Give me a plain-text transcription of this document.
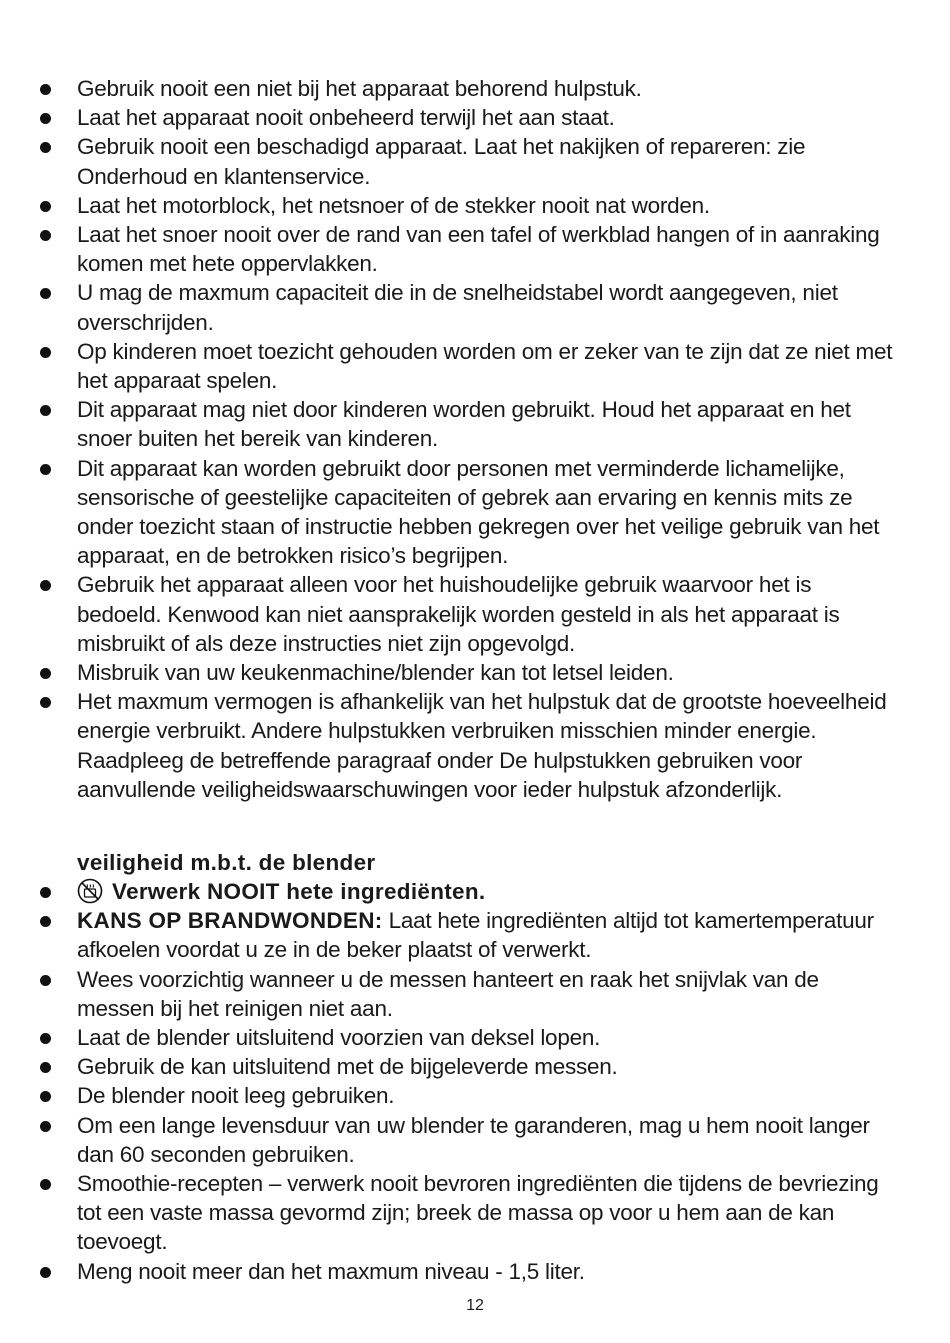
Gebruik nooit een niet bij het apparaat behorend hulpstuk.
Laat het apparaat nooit onbeheerd terwijl het aan staat.
Gebruik nooit een beschadigd apparaat. Laat het nakijken of repareren: zie Onderhoud en klantenservice.
Laat het motorblock, het netsnoer of de stekker nooit nat worden.
Laat het snoer nooit over de rand van een tafel of werkblad hangen of in aanraking komen met hete oppervlakken.
U mag de maxmum capaciteit die in de snelheidstabel wordt aangegeven, niet overschrijden.
Op kinderen moet toezicht gehouden worden om er zeker van te zijn dat ze niet met het apparaat spelen.
Dit apparaat mag niet door kinderen worden gebruikt. Houd het apparaat en het snoer buiten het bereik van kinderen.
Dit apparaat kan worden gebruikt door personen met verminderde lichamelijke, sensorische of geestelijke capaciteiten of gebrek aan ervaring en kennis mits ze onder toezicht staan of instructie hebben gekregen over het veilige gebruik van het apparaat, en de betrokken risico’s begrijpen.
Gebruik het apparaat alleen voor het huishoudelijke gebruik waarvoor het is bedoeld. Kenwood kan niet aansprakelijk worden gesteld in als het apparaat is misbruikt of als deze instructies niet zijn opgevolgd.
Misbruik van uw keukenmachine/blender kan tot letsel leiden.
Het maxmum vermogen is afhankelijk van het hulpstuk dat de grootste hoeveelheid energie verbruikt. Andere hulpstukken verbruiken misschien minder energie.
Raadpleeg de betreffende paragraaf onder De hulpstukken gebruiken voor aanvullende veiligheidswaarschuwingen voor ieder hulpstuk afzonderlijk.
veiligheid m.b.t. de blender
Verwerk NOOIT hete ingrediënten.
KANS OP BRANDWONDEN: Laat hete ingrediënten altijd tot kamertemperatuur afkoelen voordat u ze in de beker plaatst of verwerkt.
Wees voorzichtig wanneer u de messen hanteert en raak het snijvlak van de messen bij het reinigen niet aan.
Laat de blender uitsluitend voorzien van deksel lopen.
Gebruik de kan uitsluitend met de bijgeleverde messen.
De blender nooit leeg gebruiken.
Om een lange levensduur van uw blender te garanderen, mag u hem nooit langer dan 60 seconden gebruiken.
Smoothie-recepten – verwerk nooit bevroren ingrediënten die tijdens de bevriezing tot een vaste massa gevormd zijn; breek de massa op voor u hem aan de kan toevoegt.
Meng nooit meer dan het maxmum niveau - 1,5 liter.
12
